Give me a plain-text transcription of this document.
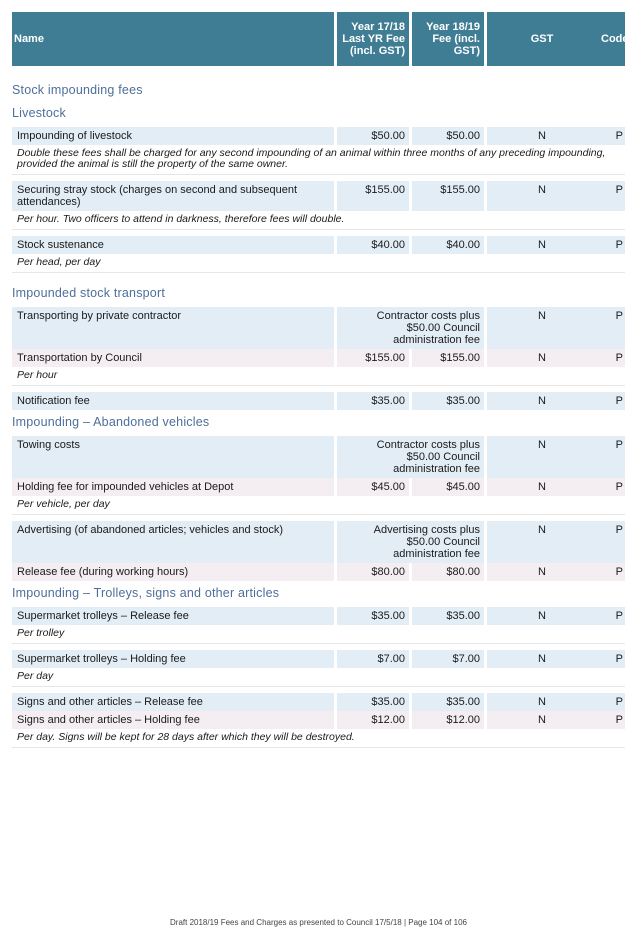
Name		Year 17/18 Last YR Fee (incl. GST)		Year 18/19 Fee (incl. GST)		GST	Code
Stock impounding fees							
Livestock							
Impounding of livestock		$50.00		$50.00		N	P
Double these fees shall be charged for any second impounding of an animal within three months of any preceding impounding, provided the animal is still the property of the same owner.							

Securing stray stock (charges on second and subsequent attendances)		$155.00		$155.00		N	P
Per hour. Two officers to attend in darkness, therefore fees will double.							

Stock sustenance		$40.00		$40.00		N	P
Per head, per day							
Impounded stock transport							
Transporting by private contractor		Contractor costs plus $50.00 Council administration fee				N	P
Transportation by Council		$155.00		$155.00		N	P
Per hour							

Notification fee		$35.00		$35.00		N	P
Impounding – Abandoned vehicles							
Towing costs		Contractor costs plus $50.00 Council administration fee				N	P
Holding fee for impounded vehicles at Depot		$45.00		$45.00		N	P
Per vehicle, per day							

Advertising (of abandoned articles; vehicles and stock)		Advertising costs plus $50.00 Council administration fee				N	P
Release fee (during working hours)		$80.00		$80.00		N	P
Impounding – Trolleys, signs and other articles							
Supermarket trolleys – Release fee		$35.00		$35.00		N	P
Per trolley							

Supermarket trolleys – Holding fee		$7.00		$7.00		N	P
Per day							

Signs and other articles – Release fee		$35.00		$35.00		N	P
Signs and other articles – Holding fee		$12.00		$12.00		N	P
Per day. Signs will be kept for 28 days after which they will be destroyed.							
Draft 2018/19 Fees and Charges as presented to Council 17/5/18 | Page 104 of 106
